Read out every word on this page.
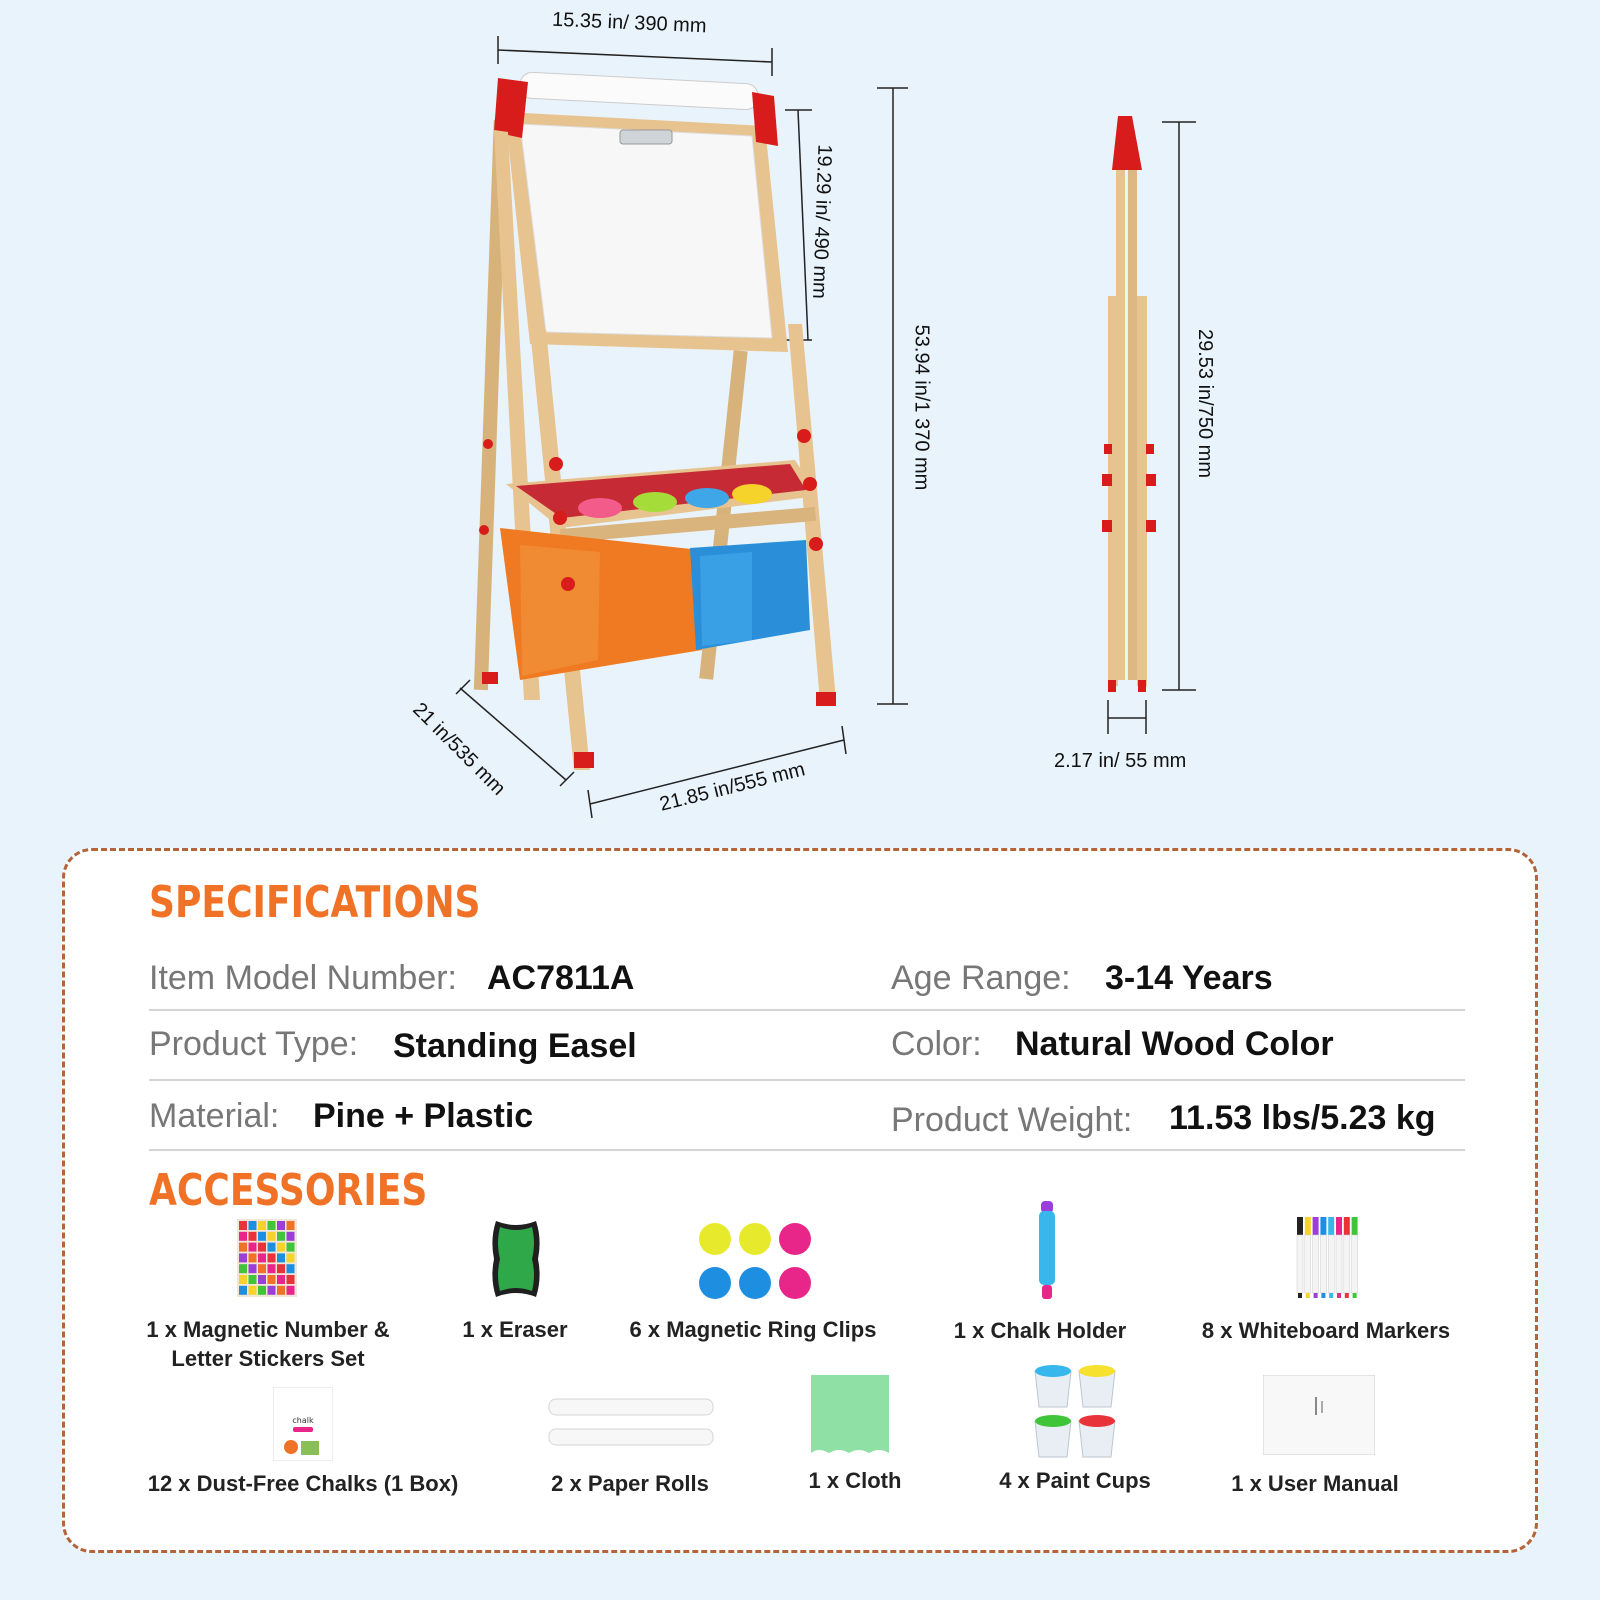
15.35 in/ 390 mm
19.29 in/ 490 mm
53.94 in/1 370 mm
21 in/535 mm	21.85 in/555 mm
29.53 in/750 mm
2.17 in/ 55 mm
SPECIFICATIONS
Item Model Number: AC7811A	Age Range: 3-14 Years
Product Type: Standing Easel	Color: Natural Wood Color
Material: Pine + Plastic	Product Weight: 11.53 lbs/5.23 kg
ACCESSORIES
1 x Magnetic Number &
Letter Stickers Set
1 x Eraser	6 x Magnetic Ring Clips	1 x Chalk Holder	8 x Whiteboard Markers
chalk
12 x Dust-Free Chalks (1 Box)	2 x Paper Rolls	1 x Cloth	4 x Paint Cups	1 x User Manual
